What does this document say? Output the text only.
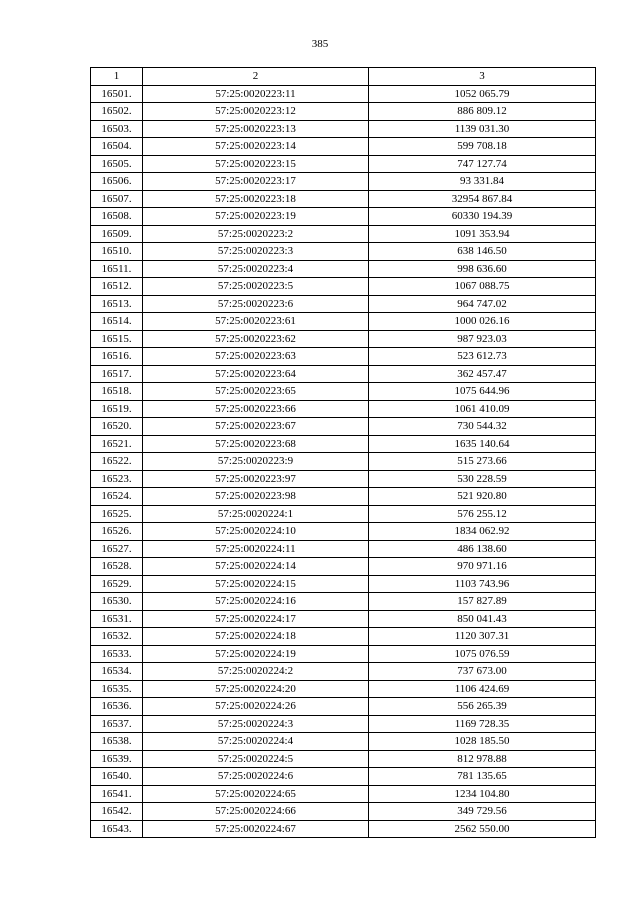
385
1	2	3
16501.	57:25:0020223:11	1052 065.79
16502.	57:25:0020223:12	886 809.12
16503.	57:25:0020223:13	1139 031.30
16504.	57:25:0020223:14	599 708.18
16505.	57:25:0020223:15	747 127.74
16506.	57:25:0020223:17	93 331.84
16507.	57:25:0020223:18	32954 867.84
16508.	57:25:0020223:19	60330 194.39
16509.	57:25:0020223:2	1091 353.94
16510.	57:25:0020223:3	638 146.50
16511.	57:25:0020223:4	998 636.60
16512.	57:25:0020223:5	1067 088.75
16513.	57:25:0020223:6	964 747.02
16514.	57:25:0020223:61	1000 026.16
16515.	57:25:0020223:62	987 923.03
16516.	57:25:0020223:63	523 612.73
16517.	57:25:0020223:64	362 457.47
16518.	57:25:0020223:65	1075 644.96
16519.	57:25:0020223:66	1061 410.09
16520.	57:25:0020223:67	730 544.32
16521.	57:25:0020223:68	1635 140.64
16522.	57:25:0020223:9	515 273.66
16523.	57:25:0020223:97	530 228.59
16524.	57:25:0020223:98	521 920.80
16525.	57:25:0020224:1	576 255.12
16526.	57:25:0020224:10	1834 062.92
16527.	57:25:0020224:11	486 138.60
16528.	57:25:0020224:14	970 971.16
16529.	57:25:0020224:15	1103 743.96
16530.	57:25:0020224:16	157 827.89
16531.	57:25:0020224:17	850 041.43
16532.	57:25:0020224:18	1120 307.31
16533.	57:25:0020224:19	1075 076.59
16534.	57:25:0020224:2	737 673.00
16535.	57:25:0020224:20	1106 424.69
16536.	57:25:0020224:26	556 265.39
16537.	57:25:0020224:3	1169 728.35
16538.	57:25:0020224:4	1028 185.50
16539.	57:25:0020224:5	812 978.88
16540.	57:25:0020224:6	781 135.65
16541.	57:25:0020224:65	1234 104.80
16542.	57:25:0020224:66	349 729.56
16543.	57:25:0020224:67	2562 550.00
